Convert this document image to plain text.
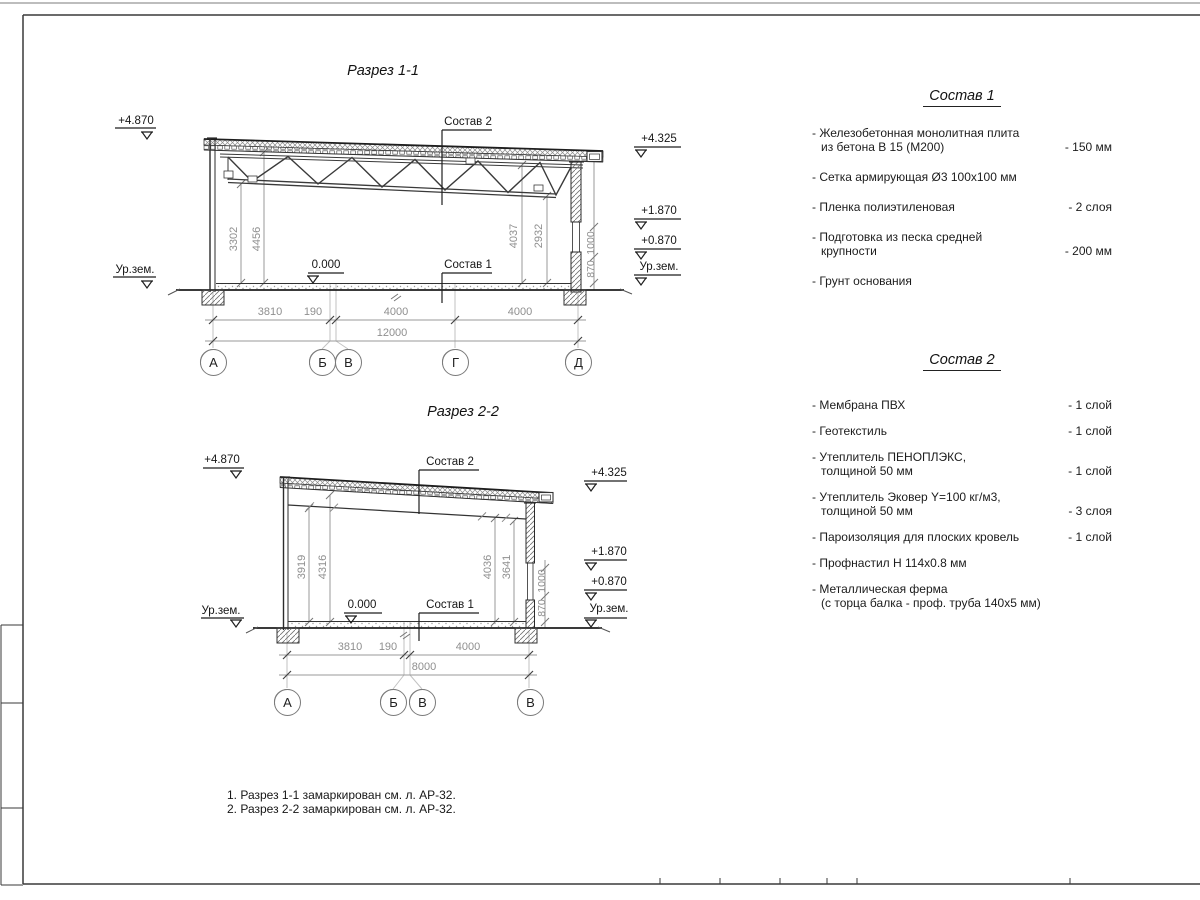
Разрез 1-1
+4.870
Ур.зем.
Состав 2
Состав 1
0.000
+4.325
+1.870
+0.870
Ур.зем.
3302 4456	4037 2932	1000
870
3810	190	4000	4000
12000
А	Б	В	Г	Д
Разрез 2-2
+4.870
Ур.зем.
Состав 2
Состав 1
0.000
+4.325
+1.870
+0.870
Ур.зем.
3919 4316	4036 3641
1000
870
3810	190	4000
8000
А	Б	В	В
Состав 1
- Железобетонная монолитная плита
из бетона В 15 (М200)	- 150 мм
- Сетка армирующая Ø3 100x100 мм
- Пленка полиэтиленовая	- 2 слоя
- Подготовка из песка средней
крупности	- 200 мм
- Грунт основания
Состав 2
- Мембрана ПВХ	- 1 слой
- Геотекстиль	- 1 слой
- Утеплитель ПЕНОПЛЭКС,
толщиной 50 мм	- 1 слой
- Утеплитель Эковер Y=100 кг/м3,
толщиной 50 мм	- 3 слоя
- Пароизоляция для плоских кровель	- 1 слой
- Профнастил Н 114х0.8 мм
- Металлическая ферма
(с торца балка - проф. труба 140х5 мм)
1. Разрез 1-1 замаркирован см. л. АР-32.
2. Разрез 2-2 замаркирован см. л. АР-32.
